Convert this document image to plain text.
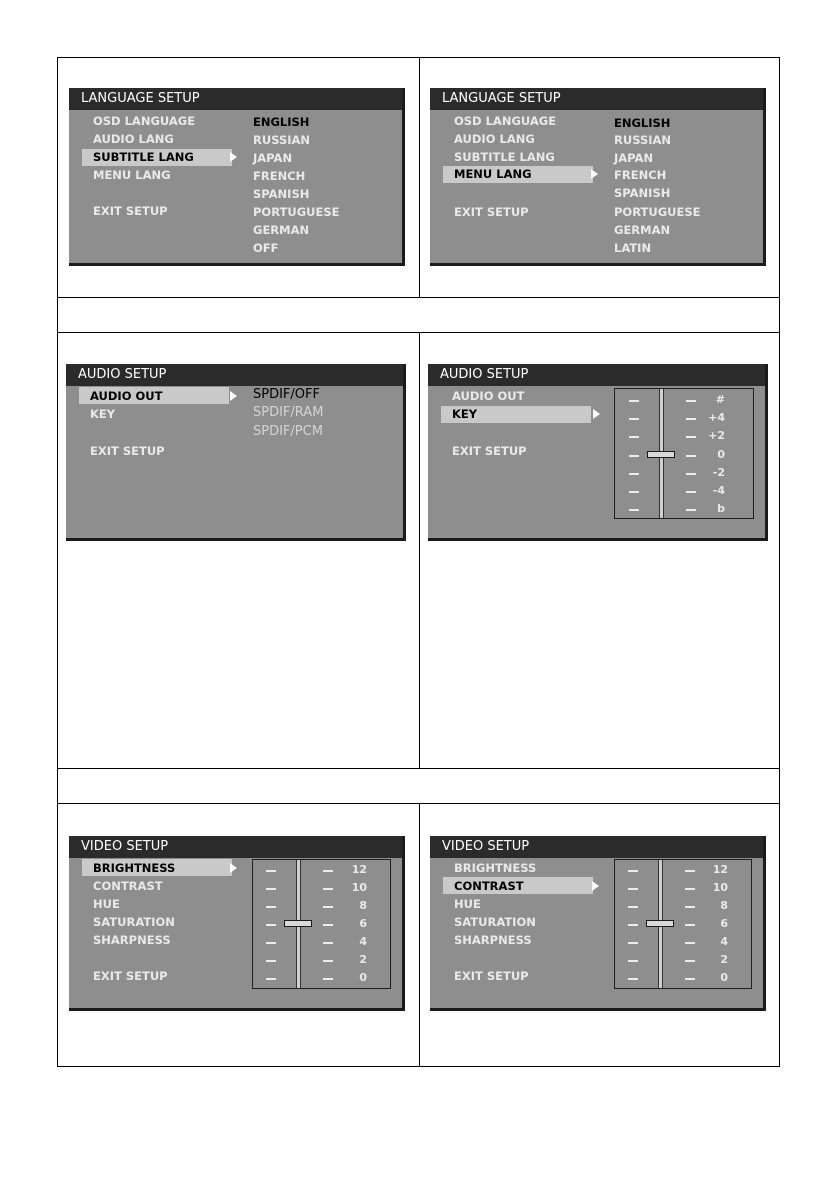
LANGUAGE SETUP
OSD LANGUAGE
AUDIO LANG
SUBTITLE LANG
MENU LANG
EXIT SETUP
ENGLISH
RUSSIAN
JAPAN
FRENCH
SPANISH
PORTUGUESE
GERMAN
OFF
LANGUAGE SETUP
OSD LANGUAGE
AUDIO LANG
SUBTITLE LANG
MENU LANG
EXIT SETUP
ENGLISH
RUSSIAN
JAPAN
FRENCH
SPANISH
PORTUGUESE
GERMAN
LATIN
AUDIO SETUP
AUDIO OUT
KEY
EXIT SETUP
SPDIF/OFF
SPDIF/RAM
SPDIF/PCM
AUDIO SETUP
AUDIO OUT
KEY
EXIT SETUP
#
+4
+2
0
-2
-4
b
VIDEO SETUP
BRIGHTNESS
CONTRAST
HUE
SATURATION
SHARPNESS
EXIT SETUP
12
10
8
6
4
2
0
VIDEO SETUP
BRIGHTNESS
CONTRAST
HUE
SATURATION
SHARPNESS
EXIT SETUP
12
10
8
6
4
2
0
